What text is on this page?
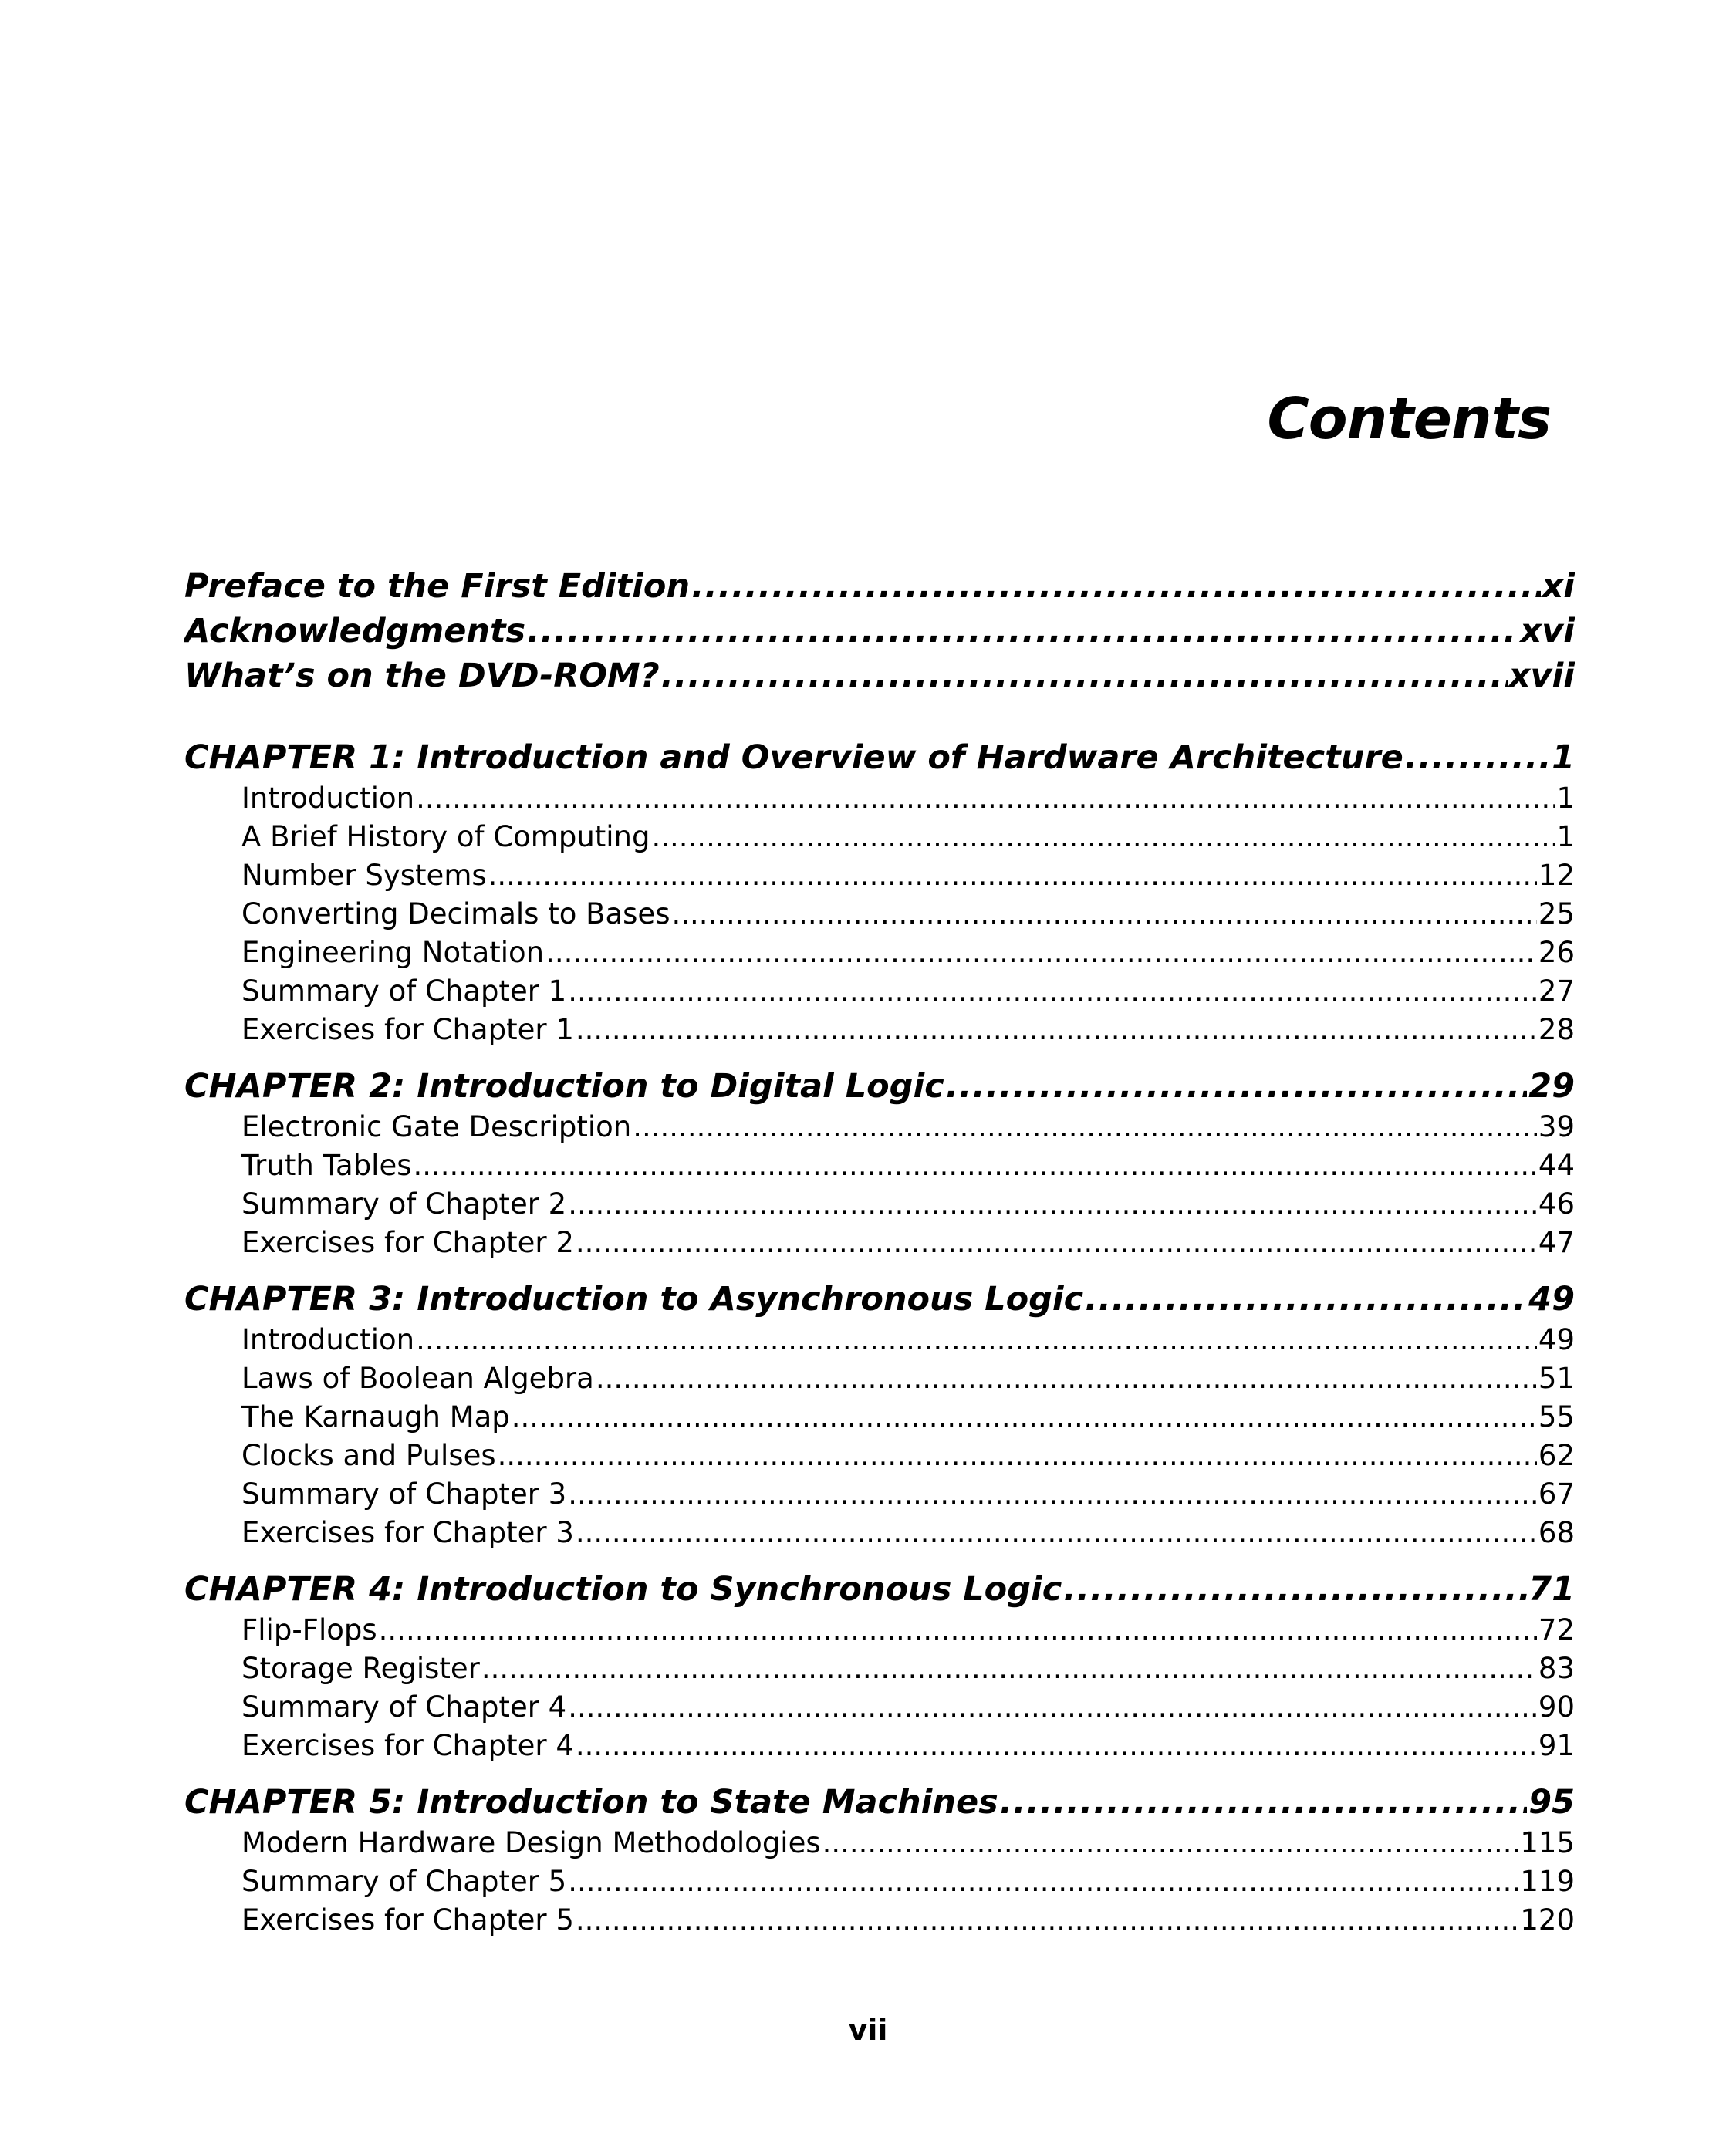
Contents
Preface to the First Edition .....	xi
Acknowledgments .....	xvi
What’s on the DVD-ROM? .....	xvii
CHAPTER 1: Introduction and Overview of Hardware Architecture .....	1
Introduction .....	1
A Brief History of Computing .....	1
Number Systems .....	12
Converting Decimals to Bases .....	25
Engineering Notation .....	26
Summary of Chapter 1 .....	27
Exercises for Chapter 1 .....	28
CHAPTER 2: Introduction to Digital Logic .....	29
Electronic Gate Description .....	39
Truth Tables .....	44
Summary of Chapter 2 .....	46
Exercises for Chapter 2 .....	47
CHAPTER 3: Introduction to Asynchronous Logic .....	49
Introduction .....	49
Laws of Boolean Algebra .....	51
The Karnaugh Map .....	55
Clocks and Pulses .....	62
Summary of Chapter 3 .....	67
Exercises for Chapter 3 .....	68
CHAPTER 4: Introduction to Synchronous Logic .....	71
Flip-Flops .....	72
Storage Register .....	83
Summary of Chapter 4 .....	90
Exercises for Chapter 4 .....	91
CHAPTER 5: Introduction to State Machines .....	95
Modern Hardware Design Methodologies .....	115
Summary of Chapter 5 .....	119
Exercises for Chapter 5 .....	120
vii
